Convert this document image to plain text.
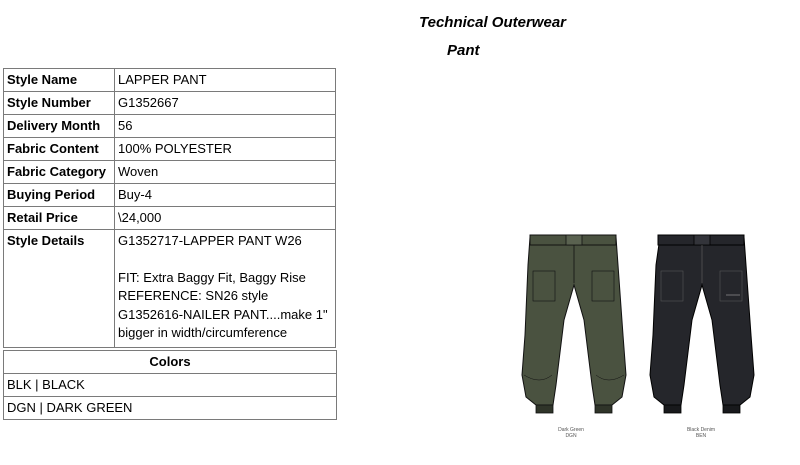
Technical Outerwear
Pant
Style Name	LAPPER PANT
Style Number	G1352667
Delivery Month	56
Fabric Content	100% POLYESTER
Fabric Category	Woven
Buying Period	Buy-4
Retail Price	\24,000
Style Details	G1352717-LAPPER PANT W26
FIT: Extra Baggy Fit, Baggy Rise
REFERENCE: SN26 style
G1352616-NAILER PANT....make 1"
bigger in width/circumference
Colors
BLK | BLACK
DGN | DARK GREEN
Dark Green
DGN
Black Denim
BEN
